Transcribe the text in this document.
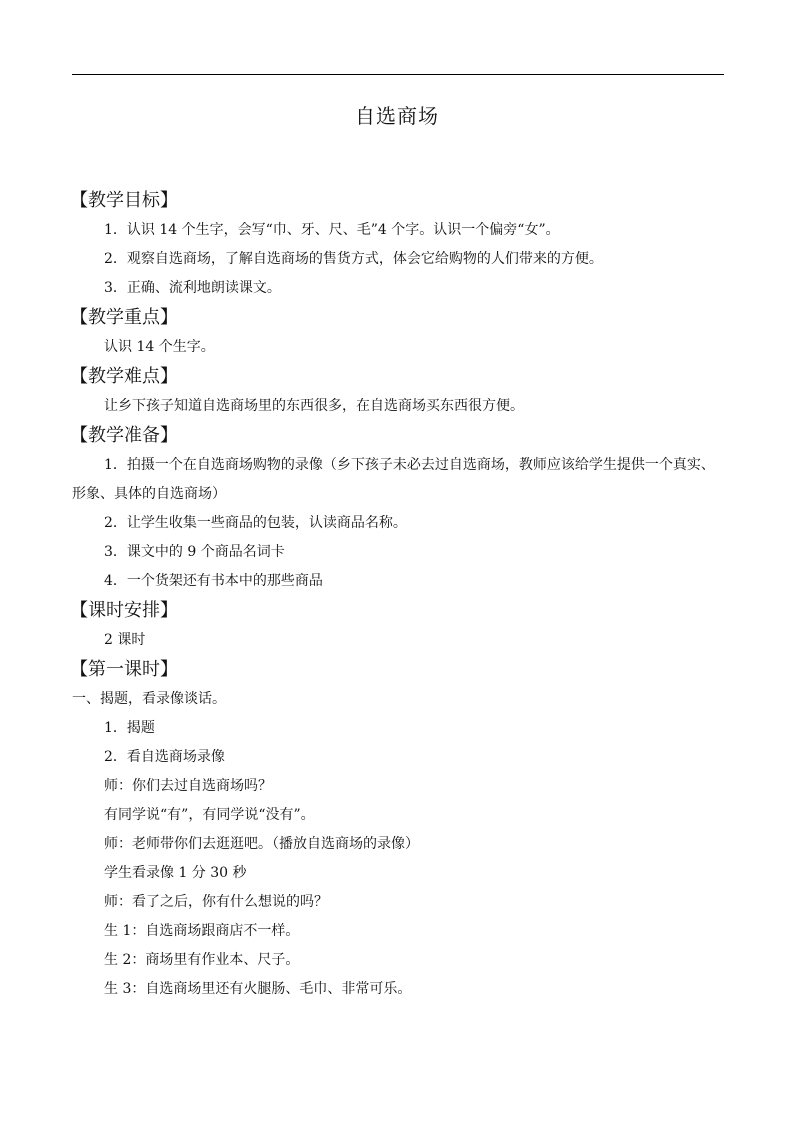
自选商场
【教学目标】
1．认识 14 个生字，会写“巾、牙、尺、毛”4 个字。认识一个偏旁“女”。
2．观察自选商场，了解自选商场的售货方式，体会它给购物的人们带来的方便。
3．正确、流利地朗读课文。
【教学重点】
认识 14 个生字。
【教学难点】
让乡下孩子知道自选商场里的东西很多，在自选商场买东西很方便。
【教学准备】
1．拍摄一个在自选商场购物的录像（乡下孩子未必去过自选商场，教师应该给学生提供一个真实、形象、具体的自选商场）
2．让学生收集一些商品的包装，认读商品名称。
3．课文中的 9 个商品名词卡
4．一个货架还有书本中的那些商品
【课时安排】
2 课时
【第一课时】
一、揭题，看录像谈话。
1．揭题
2．看自选商场录像
师：你们去过自选商场吗？
有同学说“有”，有同学说“没有”。
师：老师带你们去逛逛吧。（播放自选商场的录像）
学生看录像 1 分 30 秒
师：看了之后，你有什么想说的吗？
生 1：自选商场跟商店不一样。
生 2：商场里有作业本、尺子。
生 3：自选商场里还有火腿肠、毛巾、非常可乐。
